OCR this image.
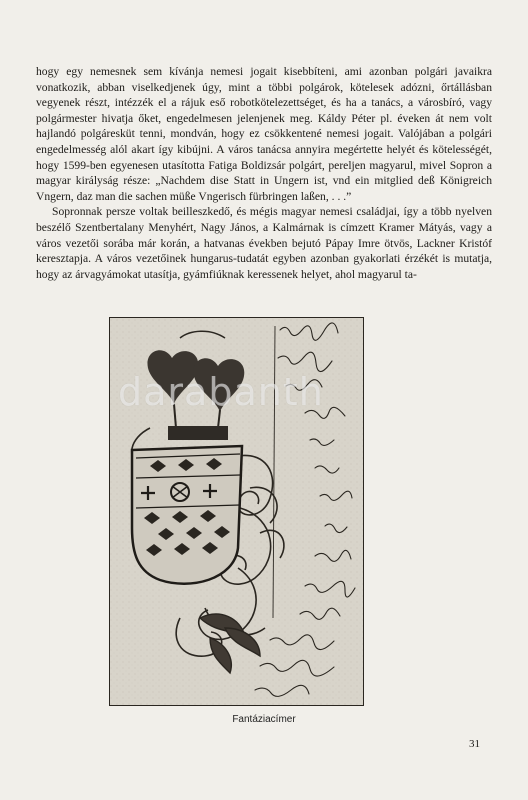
hogy egy nemesnek sem kívánja nemesi jogait kisebbíteni, ami azonban polgári javaikra vonatkozik, abban viselkedjenek úgy, mint a többi polgárok, kötelesek adózni, őrtállásban vegyenek részt, intézzék el a rájuk eső robotkötelezettséget, és ha a tanács, a városbíró, vagy polgármester hivatja őket, engedelmesen jelenjenek meg. Káldy Péter pl. éveken át nem volt hajlandó polgáresküt tenni, mondván, hogy ez csökkentené nemesi jogait. Valójában a polgári engedelmesség alól akart így kibújni. A város tanácsa annyira megértette helyét és kötelességét, hogy 1599-ben egyenesen utasította Fatiga Boldizsár polgárt, pereljen magyarul, mivel Sopron a magyar királyság része: „Nachdem dise Statt in Ungern ist, vnd ein mitglied deß Königreich Vngern, daz man die sachen müße Vngerisch fürbringen laßen, . . .”

Sopronnak persze voltak beilleszkedő, és mégis magyar nemesi családjai, így a több nyelven beszélő Szentbertalany Menyhért, Nagy János, a Kalmárnak is címzett Kramer Mátyás, vagy a város vezetői sorába már korán, a hatvanas években bejutó Pápay Imre ötvös, Lackner Kristóf keresztapja. A város vezetőinek hungarus-tudatát egyben azonban gyakorlati érzékét is mutatja, hogy az árvagyámokat utasítja, gyámfiúknak keressenek helyet, ahol magyarul ta-

darabanth
Fantáziacímer
31
